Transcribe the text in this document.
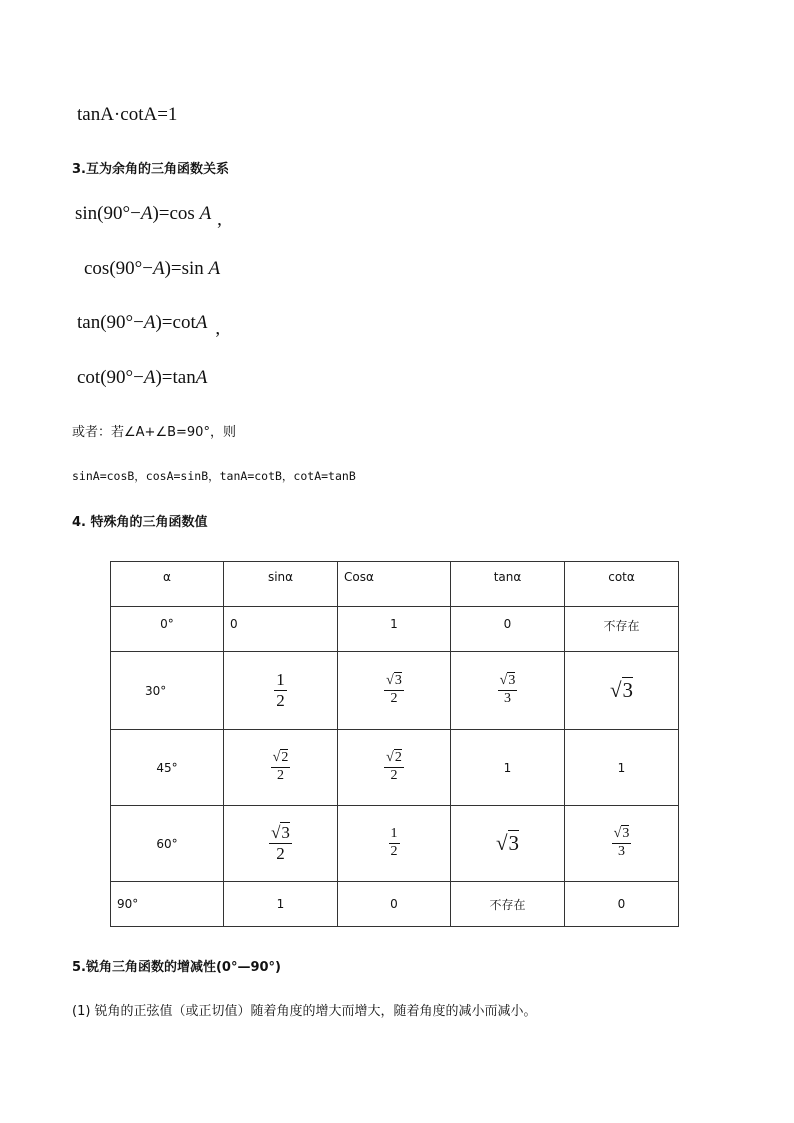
tanA·cotA=1
3.互为余角的三角函数关系
sin(90°−A)=cos A ,
cos(90°−A)=sin A
tan(90°−A)=cotA ,
cot(90°−A)=tanA
或者：若∠A+∠B=90°，则
sinA=cosB，cosA=sinB，tanA=cotB，cotA=tanB
4. 特殊角的三角函数值
α	sinα	Cosα	tanα	cotα
0°	0	1	0	不存在
30°	$\frac{1}{2}$	$\frac{√3}{2}$	$\frac{√3}{3}$	√3
45°	$\frac{√2}{2}$	$\frac{√2}{2}$	1	1
60°	$\frac{√3}{2}$	$\frac{1}{2}$	√3	$\frac{√3}{3}$

90°	1	0	不存在	0
5.锐角三角函数的增减性(0°—90°)
(1) 锐角的正弦值（或正切值）随着角度的增大而增大，随着角度的减小而减小。
